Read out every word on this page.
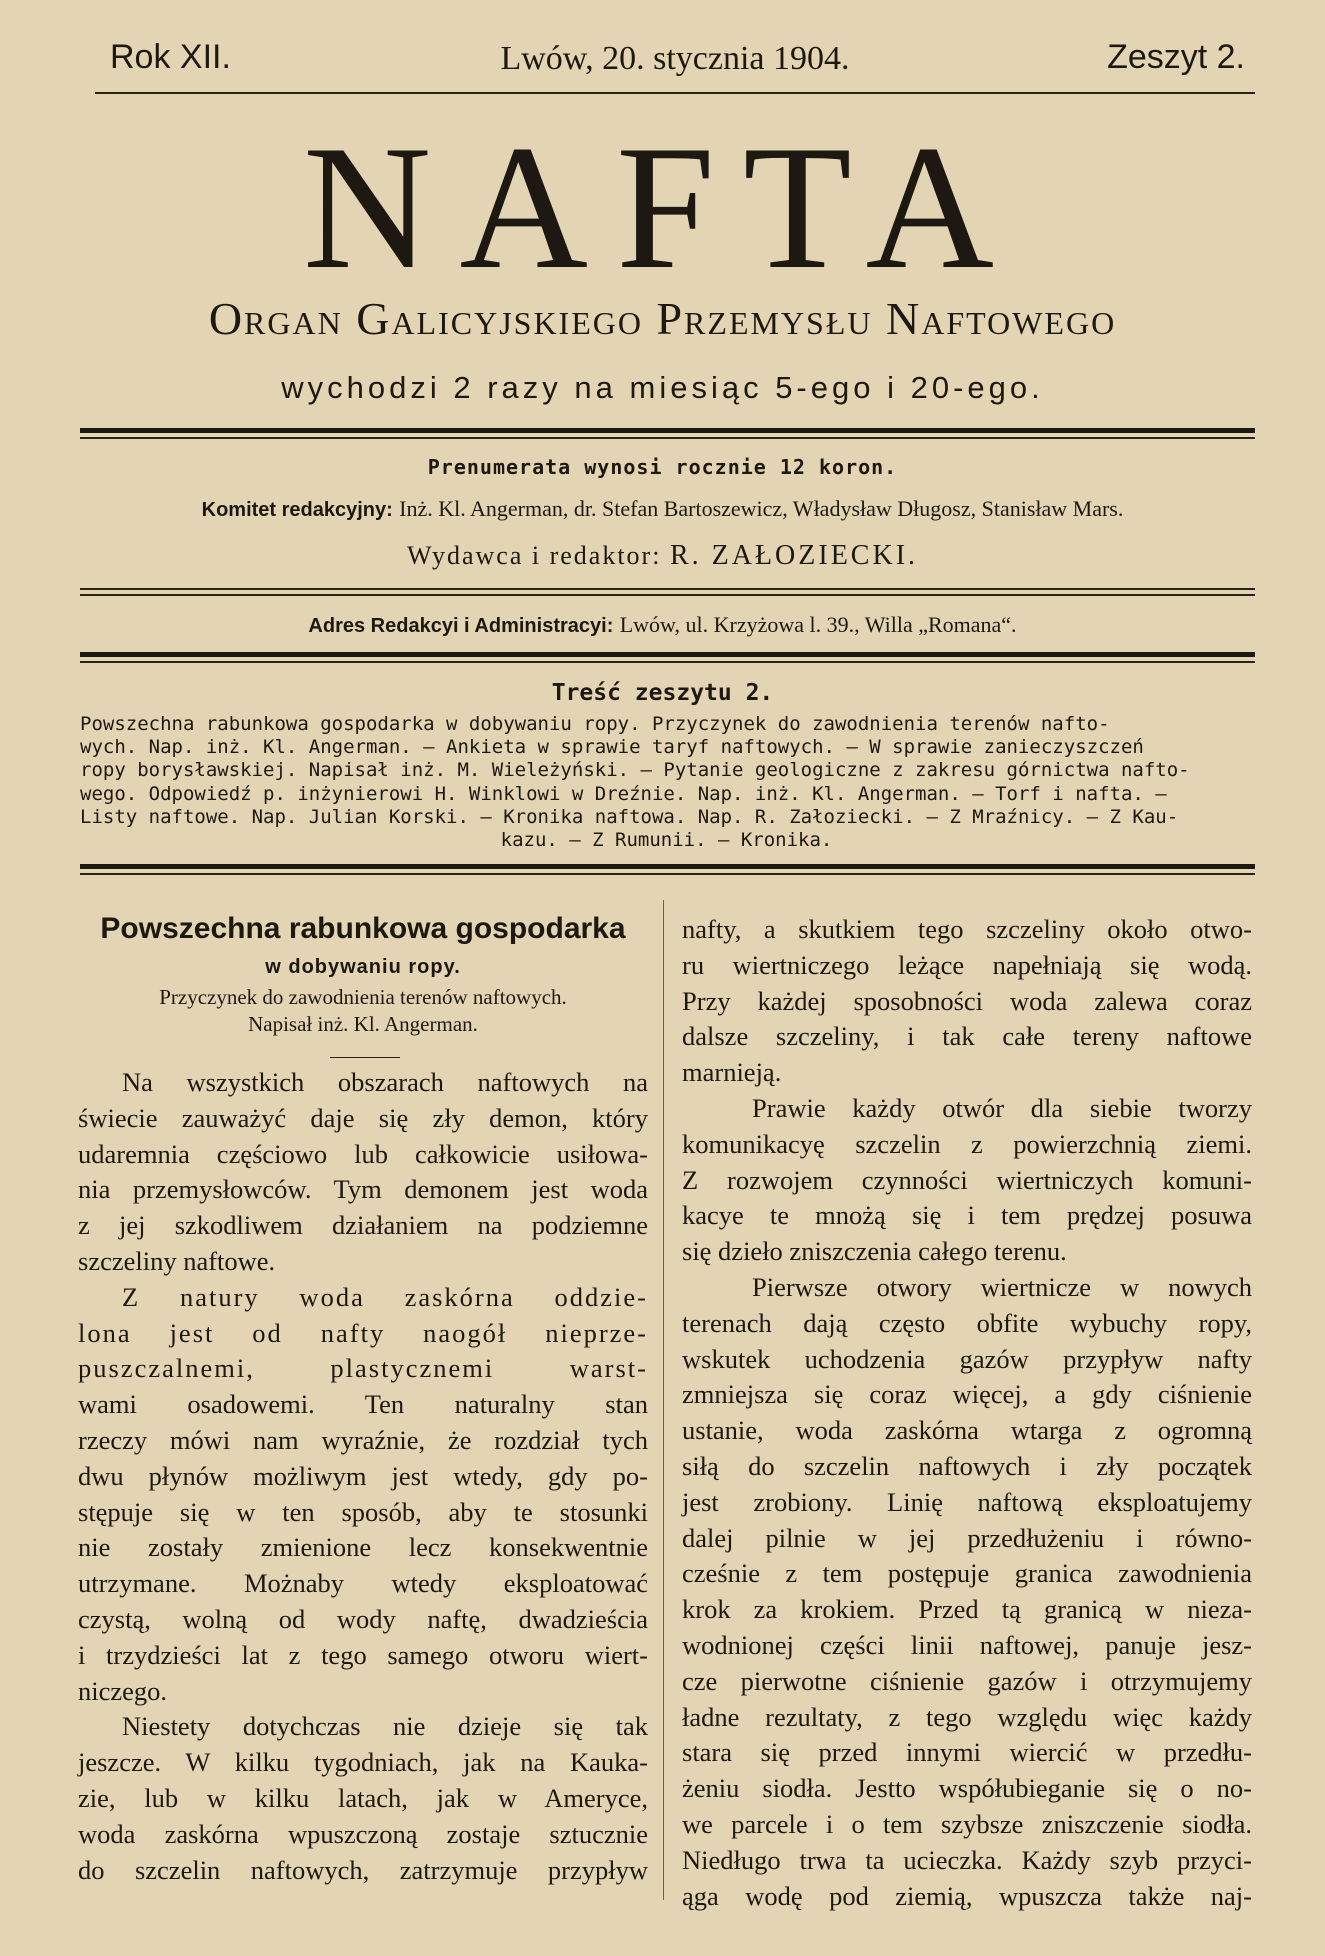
Rok XII.	Lwów, 20. stycznia 1904.	Zeszyt 2.
NAFTA
Organ Galicyjskiego Przemysłu Naftowego
wychodzi 2 razy na miesiąc 5-ego i 20-ego.
Prenumerata wynosi rocznie 12 koron.
Komitet redakcyjny: Inż. Kl. Angerman, dr. Stefan Bartoszewicz, Władysław Długosz, Stanisław Mars.
Wydawca i redaktor: R. ZAŁOZIECKI.
Adres Redakcyi i Administracyi: Lwów, ul. Krzyżowa l. 39., Willa „Romana“.
Treść zeszytu 2.
Powszechna rabunkowa gospodarka w dobywaniu ropy. Przyczynek do zawodnienia terenów nafto-
wych. Nap. inż. Kl. Angerman. — Ankieta w sprawie taryf naftowych. — W sprawie zanieczyszczeń
ropy borysławskiej. Napisał inż. M. Wieleżyński. — Pytanie geologiczne z zakresu górnictwa nafto-
wego. Odpowiedź p. inżynierowi H. Winklowi w Dreźnie. Nap. inż. Kl. Angerman. — Torf i nafta. —
Listy naftowe. Nap. Julian Korski. — Kronika naftowa. Nap. R. Załoziecki. — Z Mraźnicy. — Z Kau-
kazu. — Z Rumunii. — Kronika.
Powszechna rabunkowa gospodarka
w dobywaniu ropy.
Przyczynek do zawodnienia terenów naftowych.
Napisał inż. Kl. Angerman.
Na wszystkich obszarach naftowych na
świecie zauważyć daje się zły demon, który
udaremnia częściowo lub całkowicie usiłowa-
nia przemysłowców. Tym demonem jest woda
z jej szkodliwem działaniem na podziemne
szczeliny naftowe.
Z natury woda zaskórna oddzie-
lona jest od nafty naogół nieprze-
puszczalnemi, plastycznemi warst-
wami osadowemi. Ten naturalny stan
rzeczy mówi nam wyraźnie, że rozdział tych
dwu płynów możliwym jest wtedy, gdy po-
stępuje się w ten sposób, aby te stosunki
nie zostały zmienione lecz konsekwentnie
utrzymane. Możnaby wtedy eksploatować
czystą, wolną od wody naftę, dwadzieścia
i trzydzieści lat z tego samego otworu wiert-
niczego.
Niestety dotychczas nie dzieje się tak
jeszcze. W kilku tygodniach, jak na Kauka-
zie, lub w kilku latach, jak w Ameryce,
woda zaskórna wpuszczoną zostaje sztucznie
do szczelin naftowych, zatrzymuje przypływ
nafty, a skutkiem tego szczeliny około otwo-
ru wiertniczego leżące napełniają się wodą.
Przy każdej sposobności woda zalewa coraz
dalsze szczeliny, i tak całe tereny naftowe
marnieją.
Prawie każdy otwór dla siebie tworzy
komunikacyę szczelin z powierzchnią ziemi.
Z rozwojem czynności wiertniczych komuni-
kacye te mnożą się i tem prędzej posuwa
się dzieło zniszczenia całego terenu.
Pierwsze otwory wiertnicze w nowych
terenach dają często obfite wybuchy ropy,
wskutek uchodzenia gazów przypływ nafty
zmniejsza się coraz więcej, a gdy ciśnienie
ustanie, woda zaskórna wtarga z ogromną
siłą do szczelin naftowych i zły początek
jest zrobiony. Linię naftową eksploatujemy
dalej pilnie w jej przedłużeniu i równo-
cześnie z tem postępuje granica zawodnienia
krok za krokiem. Przed tą granicą w nieza-
wodnionej części linii naftowej, panuje jesz-
cze pierwotne ciśnienie gazów i otrzymujemy
ładne rezultaty, z tego względu więc każdy
stara się przed innymi wiercić w przedłu-
żeniu siodła. Jestto współubieganie się o no-
we parcele i o tem szybsze zniszczenie siodła.
Niedługo trwa ta ucieczka. Każdy szyb przyci-
ąga wodę pod ziemią, wpuszcza także naj-
